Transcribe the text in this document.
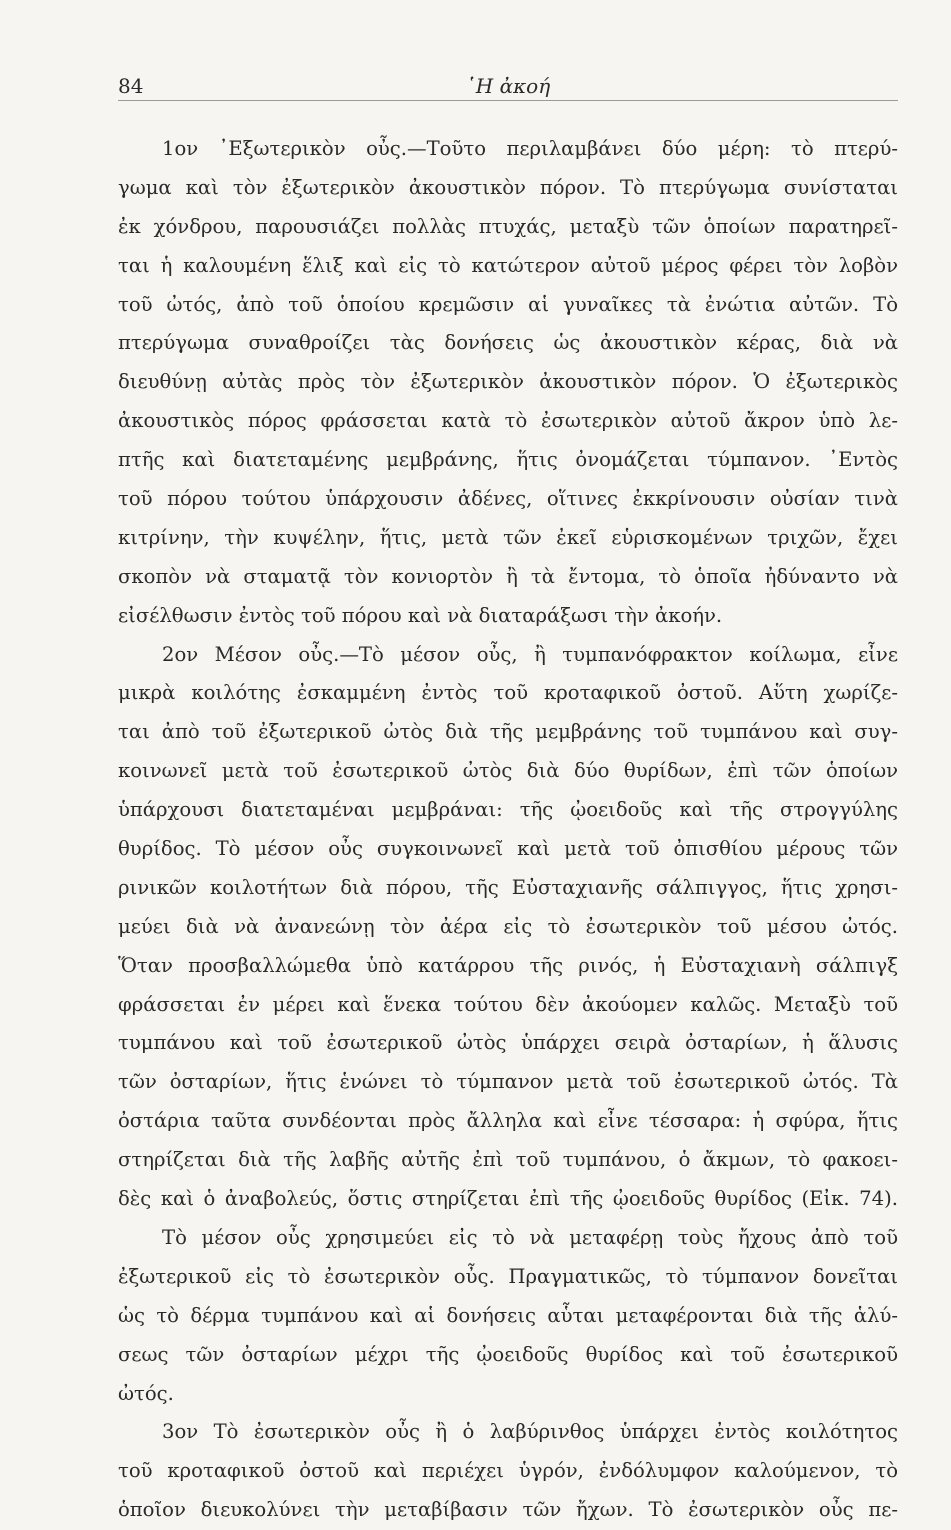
84	῾Η ἀκοή
1ον ᾿Εξωτερικὸν οὖς.—Τοῦτο περιλαμβάνει δύο μέρη: τὸ πτερύ-
γωμα καὶ τὸν ἐξωτερικὸν ἀκουστικὸν πόρον. Τὸ πτερύγωμα συνίσταται
ἐκ χόνδρου, παρουσιάζει πολλὰς πτυχάς, μεταξὺ τῶν ὁποίων παρατηρεῖ-
ται ἡ καλουμένη ἕλιξ καὶ εἰς τὸ κατώτερον αὐτοῦ μέρος φέρει τὸν λοβὸν
τοῦ ὠτός, ἀπὸ τοῦ ὁποίου κρεμῶσιν αἱ γυναῖκες τὰ ἐνώτια αὐτῶν. Τὸ
πτερύγωμα συναθροίζει τὰς δονήσεις ὡς ἀκουστικὸν κέρας, διὰ νὰ
διευθύνῃ αὐτὰς πρὸς τὸν ἐξωτερικὸν ἀκουστικὸν πόρον. Ὁ ἐξωτερικὸς
ἀκουστικὸς πόρος φράσσεται κατὰ τὸ ἐσωτερικὸν αὐτοῦ ἄκρον ὑπὸ λε-
πτῆς καὶ διατεταμένης μεμβράνης, ἥτις ὀνομάζεται τύμπανον. ᾿Εντὸς
τοῦ πόρου τούτου ὑπάρχουσιν ἀδένες, οἵτινες ἐκκρίνουσιν οὐσίαν τινὰ
κιτρίνην, τὴν κυψέλην, ἥτις, μετὰ τῶν ἐκεῖ εὑρισκομένων τριχῶν, ἔχει
σκοπὸν νὰ σταματᾷ τὸν κονιορτὸν ἢ τὰ ἔντομα, τὸ ὁποῖα ἠδύναντο νὰ
εἰσέλθωσιν ἐντὸς τοῦ πόρου καὶ νὰ διαταράξωσι τὴν ἀκοήν.
2ον Μέσον οὖς.—Τὸ μέσον οὖς, ἢ τυμπανόφρακτον κοίλωμα, εἶνε
μικρὰ κοιλότης ἐσκαμμένη ἐντὸς τοῦ κροταφικοῦ ὀστοῦ. Αὕτη χωρίζε-
ται ἀπὸ τοῦ ἐξωτερικοῦ ὠτὸς διὰ τῆς μεμβράνης τοῦ τυμπάνου καὶ συγ-
κοινωνεῖ μετὰ τοῦ ἐσωτερικοῦ ὠτὸς διὰ δύο θυρίδων, ἐπὶ τῶν ὁποίων
ὑπάρχουσι διατεταμέναι μεμβράναι: τῆς ᾠοειδοῦς καὶ τῆς στρογγύλης
θυρίδος. Τὸ μέσον οὖς συγκοινωνεῖ καὶ μετὰ τοῦ ὀπισθίου μέρους τῶν
ρινικῶν κοιλοτήτων διὰ πόρου, τῆς Εὐσταχιανῆς σάλπιγγος, ἥτις χρησι-
μεύει διὰ νὰ ἀνανεώνῃ τὸν ἀέρα εἰς τὸ ἐσωτερικὸν τοῦ μέσου ὠτός.
Ὅταν προσβαλλώμεθα ὑπὸ κατάρρου τῆς ρινός, ἡ Εὐσταχιανὴ σάλπιγξ
φράσσεται ἐν μέρει καὶ ἕνεκα τούτου δὲν ἀκούομεν καλῶς. Μεταξὺ τοῦ
τυμπάνου καὶ τοῦ ἐσωτερικοῦ ὠτὸς ὑπάρχει σειρὰ ὀσταρίων, ἡ ἅλυσις
τῶν ὀσταρίων, ἥτις ἑνώνει τὸ τύμπανον μετὰ τοῦ ἐσωτερικοῦ ὠτός. Τὰ
ὀστάρια ταῦτα συνδέονται πρὸς ἄλληλα καὶ εἶνε τέσσαρα: ἡ σφύρα, ἥτις
στηρίζεται διὰ τῆς λαβῆς αὐτῆς ἐπὶ τοῦ τυμπάνου, ὁ ἄκμων, τὸ φακοει-
δὲς καὶ ὁ ἀναβολεύς, ὅστις στηρίζεται ἐπὶ τῆς ᾠοειδοῦς θυρίδος (Εἰκ. 74).
Τὸ μέσον οὖς χρησιμεύει εἰς τὸ νὰ μεταφέρῃ τοὺς ἤχους ἀπὸ τοῦ
ἐξωτερικοῦ εἰς τὸ ἐσωτερικὸν οὖς. Πραγματικῶς, τὸ τύμπανον δονεῖται
ὡς τὸ δέρμα τυμπάνου καὶ αἱ δονήσεις αὗται μεταφέρονται διὰ τῆς ἁλύ-
σεως τῶν ὀσταρίων μέχρι τῆς ᾠοειδοῦς θυρίδος καὶ τοῦ ἐσωτερικοῦ
ὠτός.
3ον Τὸ ἐσωτερικὸν οὖς ἢ ὁ λαβύρινθος ὑπάρχει ἐντὸς κοιλότητος
τοῦ κροταφικοῦ ὀστοῦ καὶ περιέχει ὑγρόν, ἐνδόλυμφον καλούμενον, τὸ
ὁποῖον διευκολύνει τὴν μεταβίβασιν τῶν ἤχων. Τὸ ἐσωτερικὸν οὖς πε-
